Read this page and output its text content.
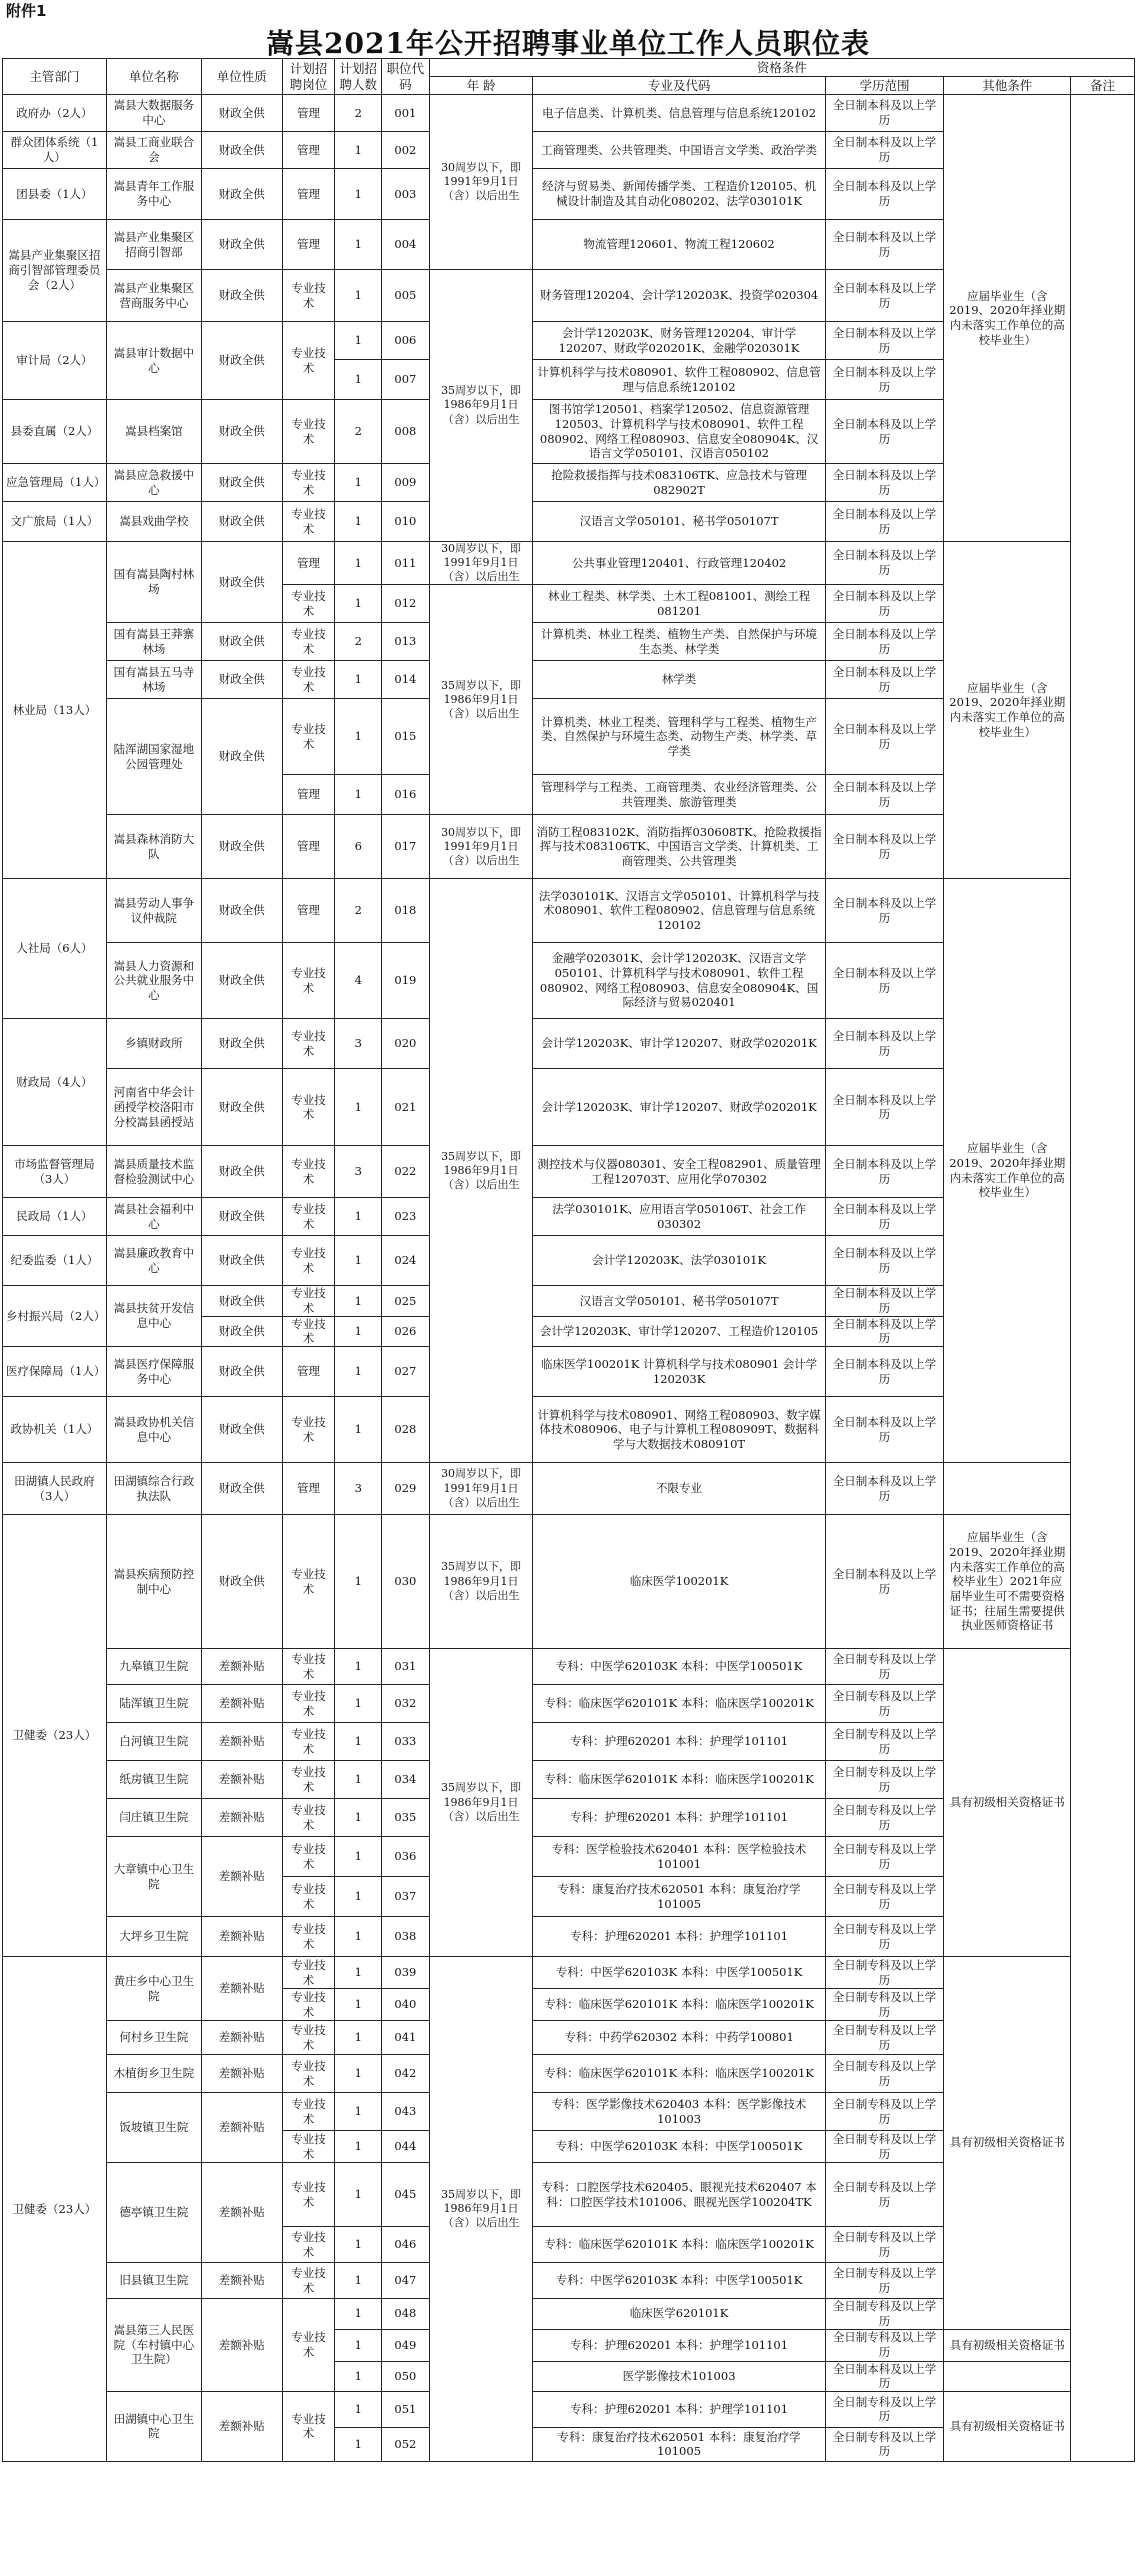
附件1
嵩县2021年公开招聘事业单位工作人员职位表
主管部门	单位名称	单位性质	计划招聘岗位	计划招聘人数	职位代码	资格条件				
						年 龄	专业及代码	学历范围	其他条件	备注
政府办（2人）	嵩县大数据服务中心	财政全供	管理	2	001	30周岁以下，即1991年9月1日（含）以后出生	电子信息类、计算机类、信息管理与信息系统120102	全日制本科及以上学历	应届毕业生（含2019、2020年择业期内未落实工作单位的高校毕业生）	
群众团体系统（1人）	嵩县工商业联合会	财政全供	管理	1	002		工商管理类、公共管理类、中国语言文学类、政治学类	全日制本科及以上学历		
团县委（1人）	嵩县青年工作服务中心	财政全供	管理	1	003		经济与贸易类、新闻传播学类、工程造价120105、机械设计制造及其自动化080202、法学030101K	全日制本科及以上学历		
嵩县产业集聚区招商引智部管理委员会（2人）	嵩县产业集聚区招商引智部	财政全供	管理	1	004		物流管理120601、物流工程120602	全日制本科及以上学历		
	嵩县产业集聚区营商服务中心	财政全供	专业技术	1	005	35周岁以下，即1986年9月1日（含）以后出生	财务管理120204、会计学120203K、投资学020304	全日制本科及以上学历		
审计局（2人）	嵩县审计数据中心	财政全供	专业技术	1	006		会计学120203K、财务管理120204、审计学120207、财政学020201K、金融学020301K	全日制本科及以上学历		
				1	007		计算机科学与技术080901、软件工程080902、信息管理与信息系统120102	全日制本科及以上学历		
县委直属（2人）	嵩县档案馆	财政全供	专业技术	2	008		图书馆学120501、档案学120502、信息资源管理120503、计算机科学与技术080901、软件工程080902、网络工程080903、信息安全080904K、汉语言文学050101、汉语言050102	全日制本科及以上学历		
应急管理局（1人）	嵩县应急救援中心	财政全供	专业技术	1	009		抢险救援指挥与技术083106TK、应急技术与管理082902T	全日制本科及以上学历		
文广旅局（1人）	嵩县戏曲学校	财政全供	专业技术	1	010		汉语言文学050101、秘书学050107T	全日制本科及以上学历		
林业局（13人）	国有嵩县陶村林场	财政全供	管理	1	011	30周岁以下，即1991年9月1日（含）以后出生	公共事业管理120401、行政管理120402	全日制本科及以上学历	应届毕业生（含2019、2020年择业期内未落实工作单位的高校毕业生）	
			专业技术	1	012	35周岁以下，即1986年9月1日（含）以后出生	林业工程类、林学类、土木工程081001、测绘工程081201	全日制本科及以上学历		
	国有嵩县王莽寨林场	财政全供	专业技术	2	013		计算机类、林业工程类、植物生产类、自然保护与环境生态类、林学类	全日制本科及以上学历		
	国有嵩县五马寺林场	财政全供	专业技术	1	014		林学类	全日制本科及以上学历		
	陆浑湖国家湿地公园管理处	财政全供	专业技术	1	015		计算机类、林业工程类、管理科学与工程类、植物生产类、自然保护与环境生态类、动物生产类、林学类、草学类	全日制本科及以上学历		
			管理	1	016		管理科学与工程类、工商管理类、农业经济管理类、公共管理类、旅游管理类	全日制本科及以上学历		
	嵩县森林消防大队	财政全供	管理	6	017	30周岁以下，即1991年9月1日（含）以后出生	消防工程083102K、消防指挥030608TK、抢险救援指挥与技术083106TK、中国语言文学类、计算机类、工商管理类、公共管理类	全日制本科及以上学历		
人社局（6人）	嵩县劳动人事争议仲裁院	财政全供	管理	2	018	35周岁以下，即1986年9月1日（含）以后出生	法学030101K、汉语言文学050101、计算机科学与技术080901、软件工程080902、信息管理与信息系统120102	全日制本科及以上学历	应届毕业生（含2019、2020年择业期内未落实工作单位的高校毕业生）	
	嵩县人力资源和公共就业服务中心	财政全供	专业技术	4	019		金融学020301K、会计学120203K、汉语言文学050101、计算机科学与技术080901、软件工程080902、网络工程080903、信息安全080904K、国际经济与贸易020401	全日制本科及以上学历		
财政局（4人）	乡镇财政所	财政全供	专业技术	3	020		会计学120203K、审计学120207、财政学020201K	全日制本科及以上学历		
	河南省中华会计函授学校洛阳市分校嵩县函授站	财政全供	专业技术	1	021		会计学120203K、审计学120207、财政学020201K	全日制本科及以上学历		
市场监督管理局（3人）	嵩县质量技术监督检验测试中心	财政全供	专业技术	3	022		测控技术与仪器080301、安全工程082901、质量管理工程120703T、应用化学070302	全日制本科及以上学历		
民政局（1人）	嵩县社会福利中心	财政全供	专业技术	1	023		法学030101K、应用语言学050106T、社会工作030302	全日制本科及以上学历		
纪委监委（1人）	嵩县廉政教育中心	财政全供	专业技术	1	024		会计学120203K、法学030101K	全日制本科及以上学历		
乡村振兴局（2人）	嵩县扶贫开发信息中心	财政全供	专业技术	1	025		汉语言文学050101、秘书学050107T	全日制本科及以上学历		
		财政全供	专业技术	1	026		会计学120203K、审计学120207、工程造价120105	全日制本科及以上学历		
医疗保障局（1人）	嵩县医疗保障服务中心	财政全供	管理	1	027		临床医学100201K 计算机科学与技术080901 会计学120203K	全日制本科及以上学历		
政协机关（1人）	嵩县政协机关信息中心	财政全供	专业技术	1	028		计算机科学与技术080901、网络工程080903、数字媒体技术080906、电子与计算机工程080909T、数据科学与大数据技术080910T	全日制本科及以上学历		
田湖镇人民政府（3人）	田湖镇综合行政执法队	财政全供	管理	3	029	30周岁以下，即1991年9月1日（含）以后出生	不限专业	全日制本科及以上学历		
卫健委（23人）	嵩县疾病预防控制中心	财政全供	专业技术	1	030	35周岁以下，即1986年9月1日（含）以后出生	临床医学100201K	全日制本科及以上学历	应届毕业生（含2019、2020年择业期内未落实工作单位的高校毕业生）2021年应届毕业生可不需要资格证书；往届生需要提供执业医师资格证书	
	九皋镇卫生院	差额补贴	专业技术	1	031	35周岁以下，即1986年9月1日（含）以后出生	专科：中医学620103K 本科：中医学100501K	全日制专科及以上学历	具有初级相关资格证书	
	陆浑镇卫生院	差额补贴	专业技术	1	032		专科：临床医学620101K 本科：临床医学100201K	全日制专科及以上学历		
	白河镇卫生院	差额补贴	专业技术	1	033		专科：护理620201 本科：护理学101101	全日制专科及以上学历		
	纸房镇卫生院	差额补贴	专业技术	1	034		专科：临床医学620101K 本科：临床医学100201K	全日制专科及以上学历		
	闫庄镇卫生院	差额补贴	专业技术	1	035		专科：护理620201 本科：护理学101101	全日制专科及以上学历		
	大章镇中心卫生院	差额补贴	专业技术	1	036		专科：医学检验技术620401 本科：医学检验技术101001	全日制专科及以上学历		
			专业技术	1	037		专科：康复治疗技术620501 本科：康复治疗学101005	全日制专科及以上学历		
	大坪乡卫生院	差额补贴	专业技术	1	038		专科：护理620201 本科：护理学101101	全日制专科及以上学历		
卫健委（23人）	黄庄乡中心卫生院	差额补贴	专业技术	1	039	35周岁以下，即1986年9月1日（含）以后出生	专科：中医学620103K 本科：中医学100501K	全日制专科及以上学历	具有初级相关资格证书	
			专业技术	1	040		专科：临床医学620101K 本科：临床医学100201K	全日制专科及以上学历		
	何村乡卫生院	差额补贴	专业技术	1	041		专科：中药学620302 本科：中药学100801	全日制专科及以上学历		
	木植街乡卫生院	差额补贴	专业技术	1	042		专科：临床医学620101K 本科：临床医学100201K	全日制专科及以上学历		
	饭坡镇卫生院	差额补贴	专业技术	1	043		专科：医学影像技术620403 本科：医学影像技术101003	全日制专科及以上学历		
			专业技术	1	044		专科：中医学620103K 本科：中医学100501K	全日制专科及以上学历		
	德亭镇卫生院	差额补贴	专业技术	1	045		专科：口腔医学技术620405、眼视光技术620407 本科：口腔医学技术101006、眼视光医学100204TK	全日制专科及以上学历		
			专业技术	1	046		专科：临床医学620101K 本科：临床医学100201K	全日制专科及以上学历		
	旧县镇卫生院	差额补贴	专业技术	1	047		专科：中医学620103K 本科：中医学100501K	全日制专科及以上学历		
	嵩县第三人民医院（车村镇中心卫生院）	差额补贴	专业技术	1	048		临床医学620101K	全日制专科及以上学历		
				1	049		专科：护理620201 本科：护理学101101	全日制专科及以上学历	具有初级相关资格证书	
				1	050		医学影像技术101003	全日制本科及以上学历		
	田湖镇中心卫生院	差额补贴	专业技术	1	051		专科：护理620201 本科：护理学101101	全日制专科及以上学历	具有初级相关资格证书	
				1	052		专科：康复治疗技术620501 本科：康复治疗学101005	全日制专科及以上学历		
